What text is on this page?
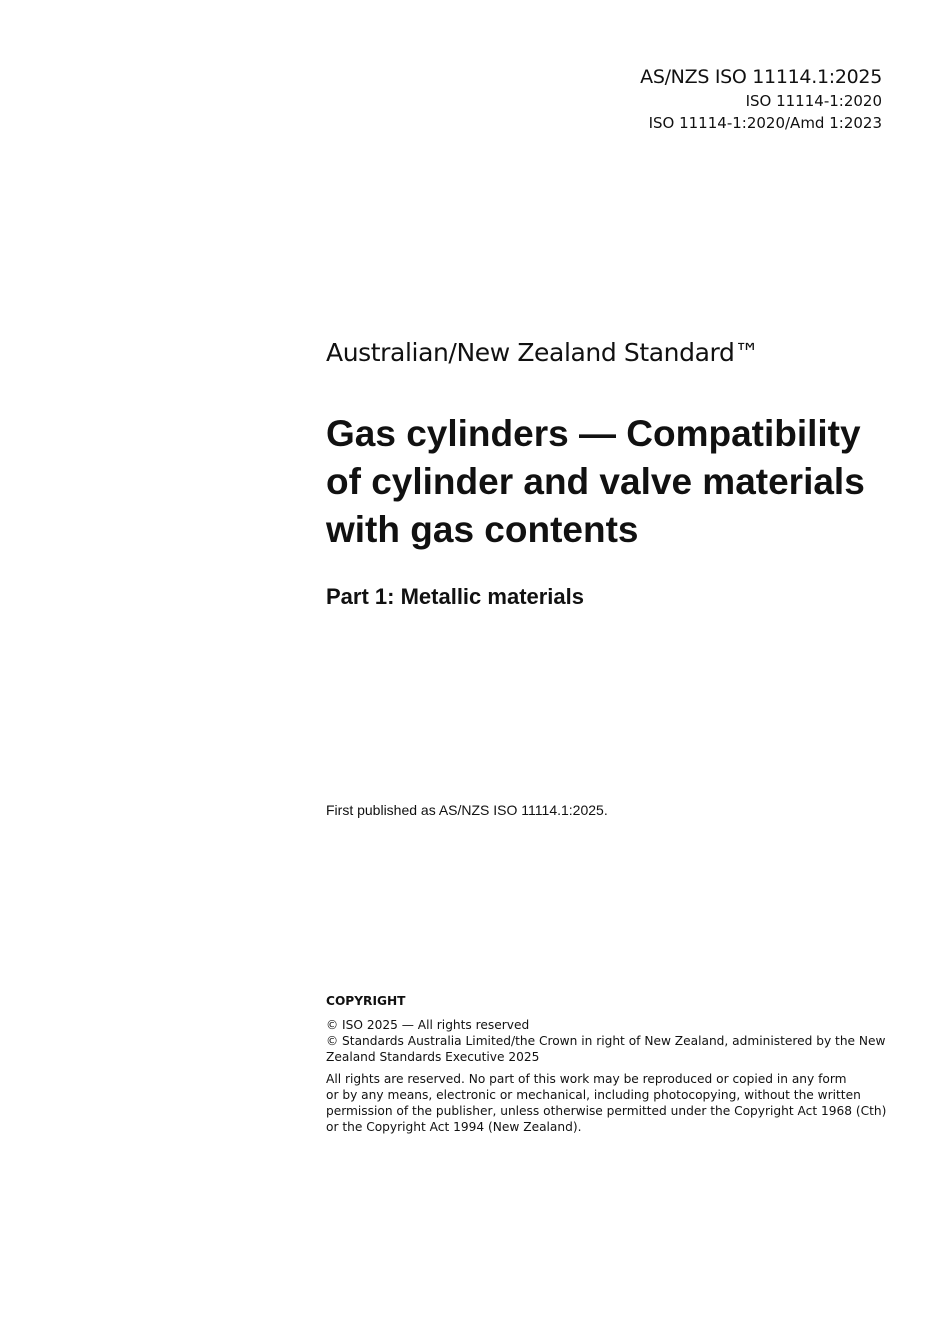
AS/NZS ISO 11114.1:2025
ISO 11114-1:2020
ISO 11114-1:2020/Amd 1:2023
Australian/New Zealand Standard™
Gas cylinders — Compatibility
of cylinder and valve materials
with gas contents
Part 1: Metallic materials
First published as AS/NZS ISO 11114.1:2025.
COPYRIGHT
© ISO 2025 — All rights reserved
© Standards Australia Limited/the Crown in right of New Zealand, administered by the New
Zealand Standards Executive 2025
All rights are reserved. No part of this work may be reproduced or copied in any form
or by any means, electronic or mechanical, including photocopying, without the written
permission of the publisher, unless otherwise permitted under the Copyright Act 1968 (Cth)
or the Copyright Act 1994 (New Zealand).
